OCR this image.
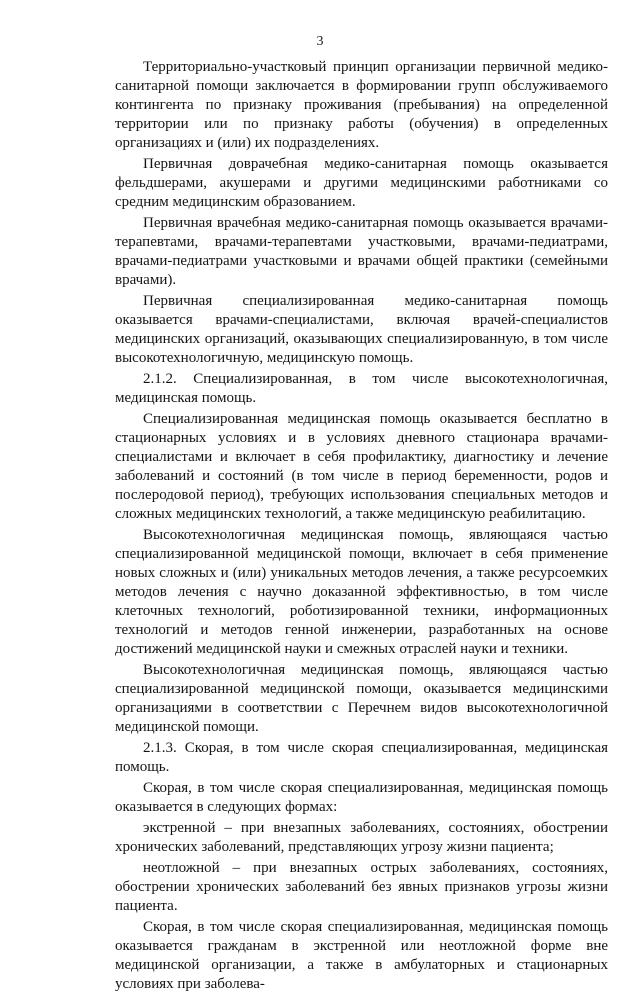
3

Территориально-участковый принцип организации первичной медико-санитарной помощи заключается в формировании групп обслуживаемого контингента по признаку проживания (пребывания) на определенной территории или по признаку работы (обучения) в определенных организациях и (или) их подразделениях.

Первичная доврачебная медико-санитарная помощь оказывается фельдшерами, акушерами и другими медицинскими работниками со средним медицинским образованием.

Первичная врачебная медико-санитарная помощь оказывается врачами-терапевтами, врачами-терапевтами участковыми, врачами-педиатрами, врачами-педиатрами участковыми и врачами общей практики (семейными врачами).

Первичная специализированная медико-санитарная помощь оказывается врачами-специалистами, включая врачей-специалистов медицинских организаций, оказывающих специализированную, в том числе высокотехнологичную, медицинскую помощь.

2.1.2. Специализированная, в том числе высокотехнологичная, медицинская помощь.

Специализированная медицинская помощь оказывается бесплатно в стационарных условиях и в условиях дневного стационара врачами-специалистами и включает в себя профилактику, диагностику и лечение заболеваний и состояний (в том числе в период беременности, родов и послеродовой период), требующих использования специальных методов и сложных медицинских технологий, а также медицинскую реабилитацию.

Высокотехнологичная медицинская помощь, являющаяся частью специализированной медицинской помощи, включает в себя применение новых сложных и (или) уникальных методов лечения, а также ресурсоемких методов лечения с научно доказанной эффективностью, в том числе клеточных технологий, роботизированной техники, информационных технологий и методов генной инженерии, разработанных на основе достижений медицинской науки и смежных отраслей науки и техники.

Высокотехнологичная медицинская помощь, являющаяся частью специализированной медицинской помощи, оказывается медицинскими организациями в соответствии с Перечнем видов высокотехнологичной медицинской помощи.

2.1.3. Скорая, в том числе скорая специализированная, медицинская помощь.

Скорая, в том числе скорая специализированная, медицинская помощь оказывается в следующих формах:

экстренной – при внезапных заболеваниях, состояниях, обострении хронических заболеваний, представляющих угрозу жизни пациента;

неотложной – при внезапных острых заболеваниях, состояниях, обострении хронических заболеваний без явных признаков угрозы жизни пациента.

Скорая, в том числе скорая специализированная, медицинская помощь оказывается гражданам в экстренной или неотложной форме вне медицинской организации, а также в амбулаторных и стационарных условиях при заболева-
